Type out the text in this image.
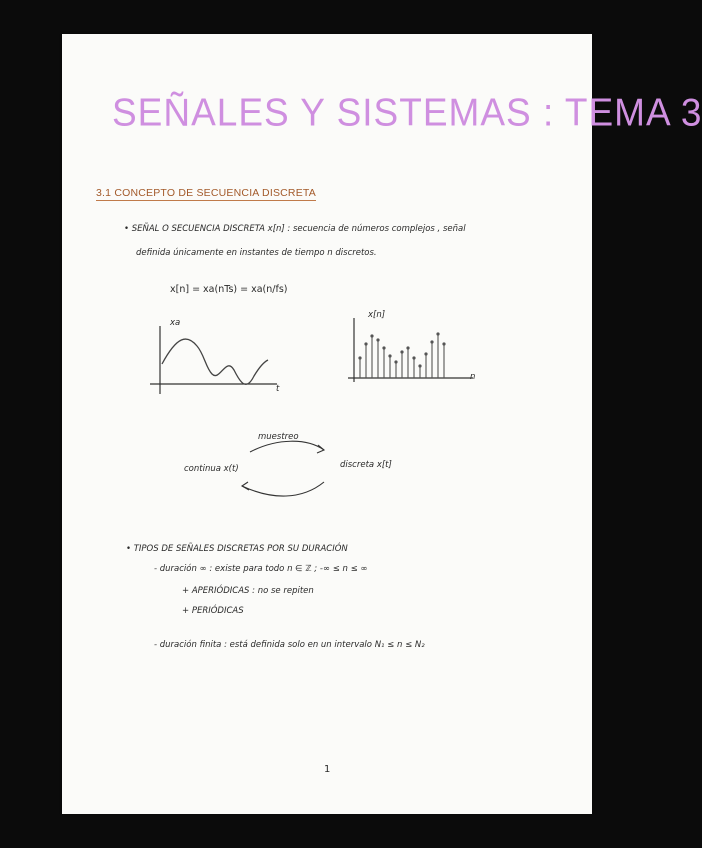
SEÑALES Y SISTEMAS : TEMA 3
3.1 CONCEPTO DE SECUENCIA DISCRETA
• SEÑAL O SECUENCIA DISCRETA x[n] : secuencia de números complejos , señal
definida únicamente en instantes de tiempo n discretos.
x[n] = xa(nTs) = xa(n/fs)
xa
t
x[n]
n
muestreo
continua x(t)	discreta x[t]
• TIPOS DE SEÑALES DISCRETAS POR SU DURACIÓN
- duración ∞ : existe para todo n ∈ ℤ ; -∞ ≤ n ≤ ∞
+ APERIÓDICAS : no se repiten
+ PERIÓDICAS
- duración finita : está definida solo en un intervalo N₁ ≤ n ≤ N₂
1
